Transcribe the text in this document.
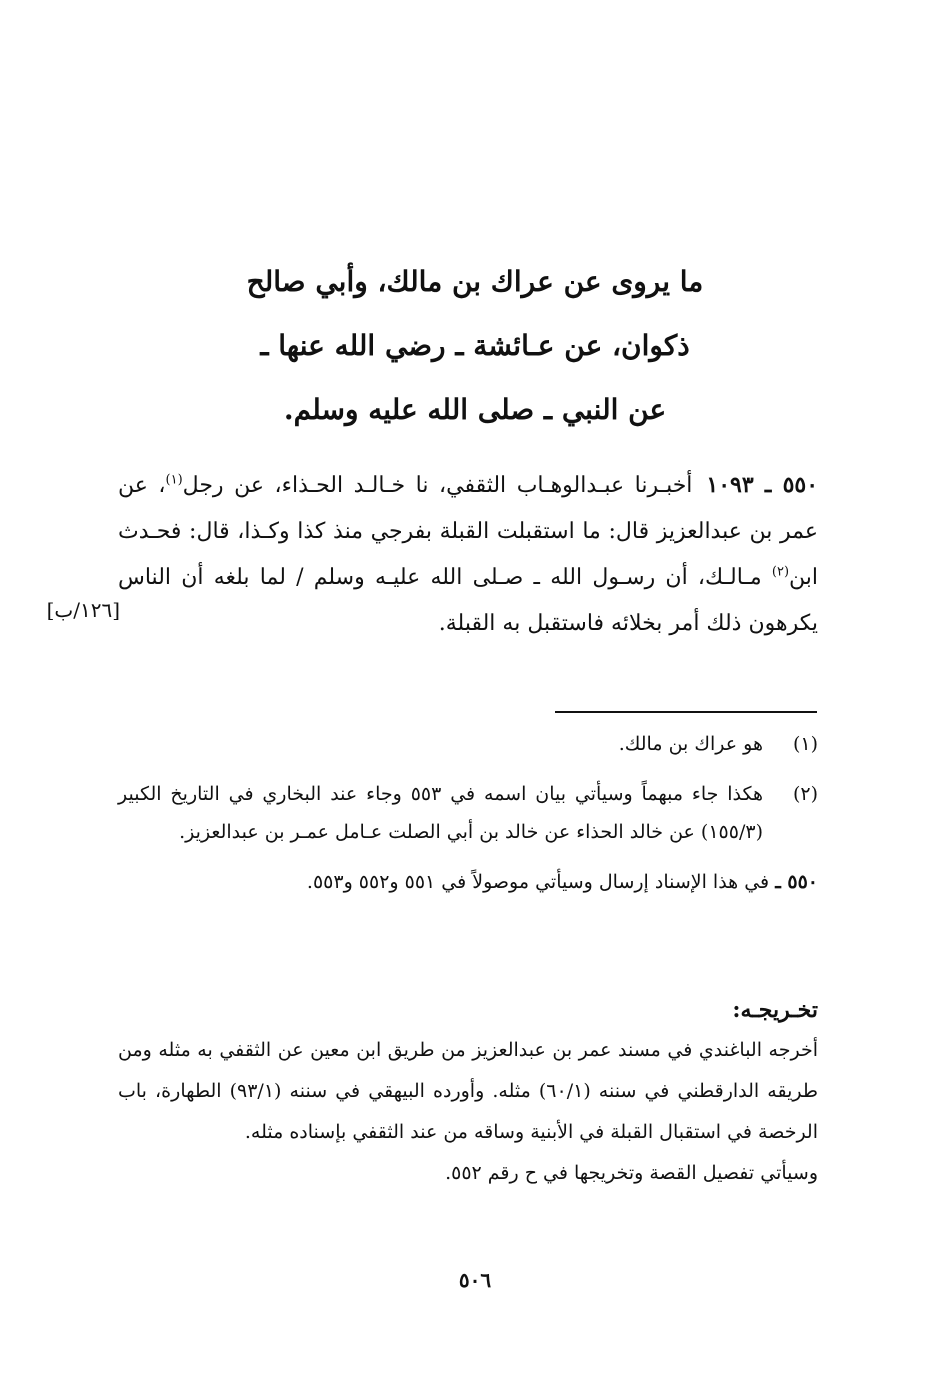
ما يروى عن عراك بن مالك، وأبي صالح
ذكوان، عن عـائشة ـ رضي الله عنها ـ
عن النبي ـ صلى الله عليه وسلم.

٥٥٠ ـ ١٠٩٣أخبـرنا عبـدالوهـاب الثقفي، نا خـالـد الحـذاء، عن رجل$^{(١)}$، عن عمر بن عبدالعزيز قال: ما استقبلت القبلة بفرجي منذ كذا وكـذا، قال: فحـدث ابن$^{(٢)}$ مـالـك، أن رسـول الله ـ صـلى الله عليـه وسلم / لما بلغه أن الناس يكرهون ذلك أمر بخلائه فاستقبل به القبلة.

[١٢٦/ب]
(١)
هو عراك بن مالك.
(٢)
هكذا جاء مبهماً وسيأتي بيان اسمه في ٥٥٣ وجاء عند البخاري في التاريخ الكبير (١٥٥/٣) عن خالد الحذاء عن خالد بن أبي الصلت عـامل عمـر بن عبدالعزيز.

٥٥٠ ـ في هذا الإسناد إرسال وسيأتي موصولاً في ٥٥١ و٥٥٢ و٥٥٣.

تخـريجـه:

أخرجه الباغندي في مسند عمر بن عبدالعزيز من طريق ابن معين عن الثقفي به مثله ومن طريقه الدارقطني في سننه (٦٠/١) مثله. وأورده البيهقي في سننه (٩٣/١) الطهارة، باب الرخصة في استقبال القبلة في الأبنية وساقه من عند الثقفي بإسناده مثله.

وسيأتي تفصيل القصة وتخريجها في ح رقم ٥٥٢.

٥٠٦
